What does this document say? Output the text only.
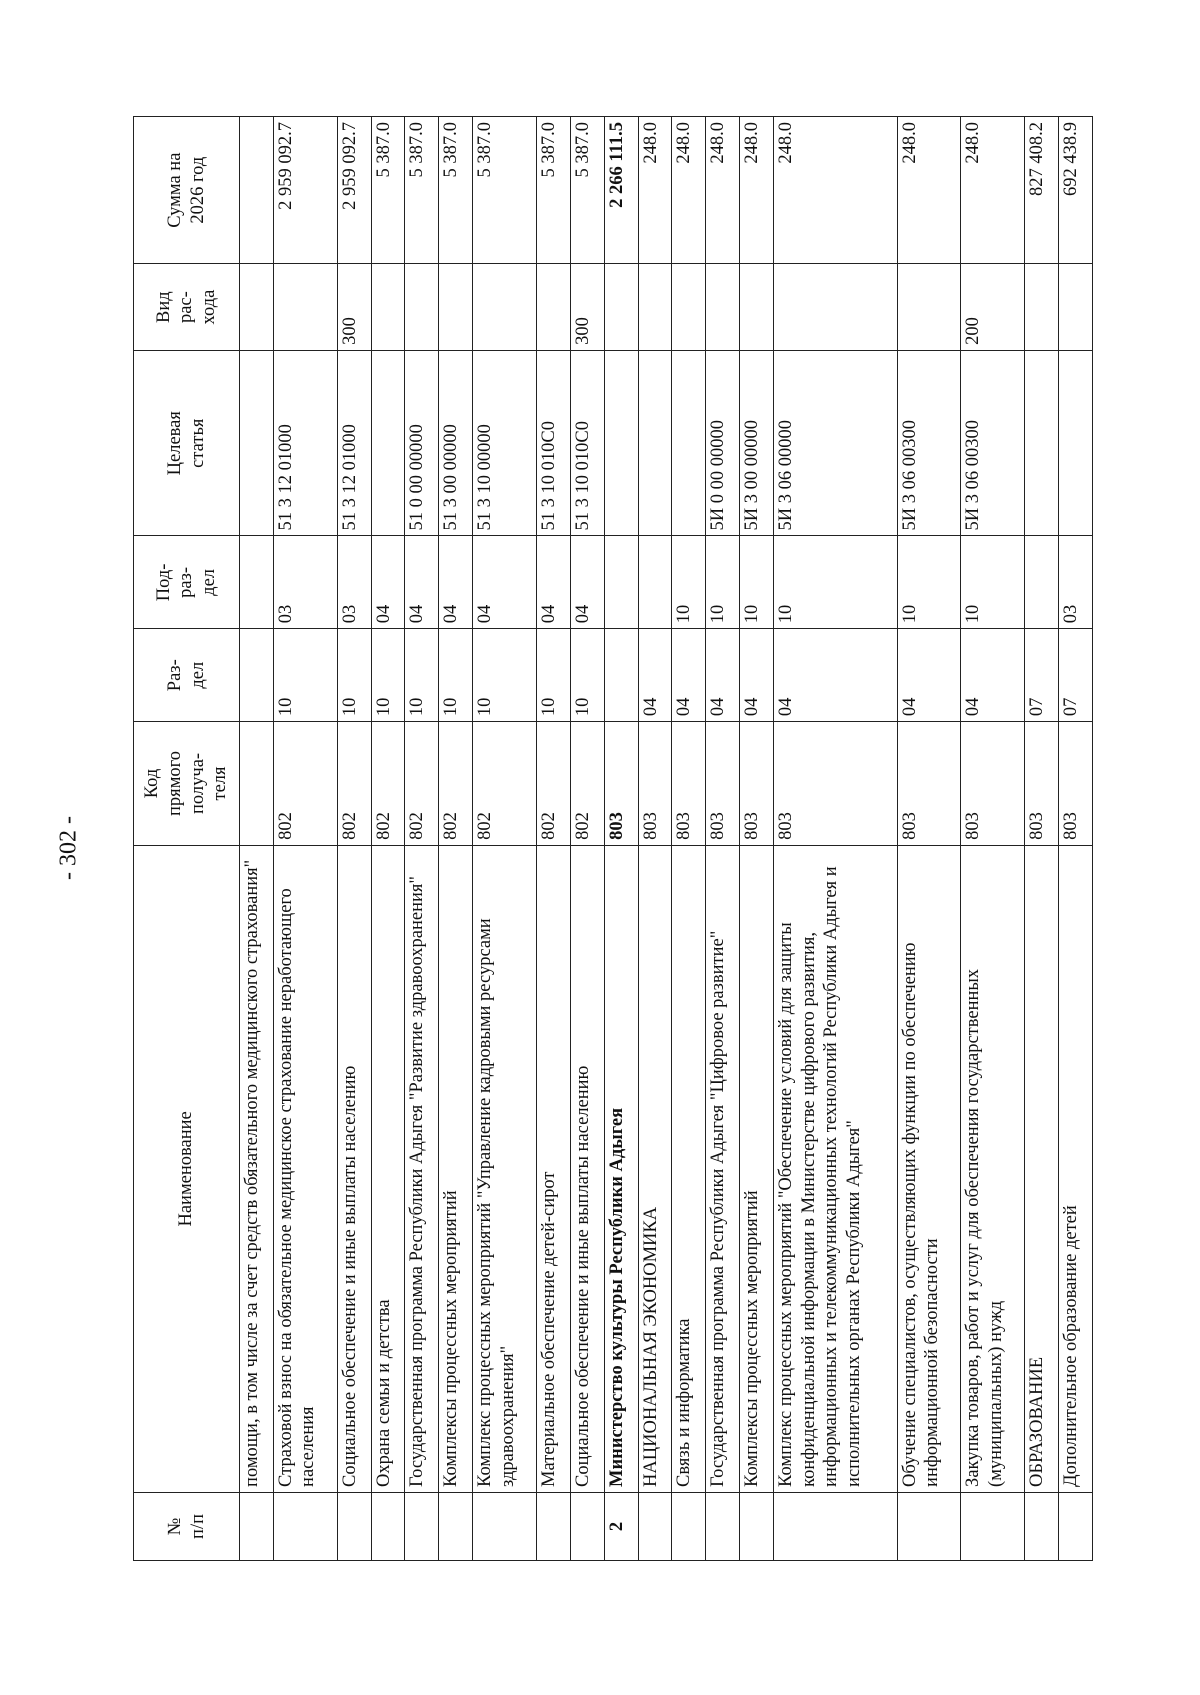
- 302 -
№
п/п	Наименование	Код
прямого
получа-
теля	Раз-
дел	Под-
раз-
дел	Целевая
статья	Вид
рас-
хода	Сумма на
2026 год
	помощи, в том числе за счет средств обязательного медицинского страхования"						
	Страховой взнос на обязательное медицинское страхование неработающего населения	802	10	03	51 3 12 01000		2 959 092.7
	Социальное обеспечение и иные выплаты населению	802	10	03	51 3 12 01000	300	2 959 092.7
	Охрана семьи и детства	802	10	04			5 387.0
	Государственная программа Республики Адыгея "Развитие здравоохранения"	802	10	04	51 0 00 00000		5 387.0
	Комплексы процессных мероприятий	802	10	04	51 3 00 00000		5 387.0
	Комплекс процессных мероприятий "Управление кадровыми ресурсами здравоохранения"	802	10	04	51 3 10 00000		5 387.0
	Материальное обеспечение детей-сирот	802	10	04	51 3 10 010С0		5 387.0
	Социальное обеспечение и иные выплаты населению	802	10	04	51 3 10 010С0	300	5 387.0
2	Министерство культуры Республики Адыгея	803					2 266 111.5
	НАЦИОНАЛЬНАЯ ЭКОНОМИКА	803	04				248.0
	Связь и информатика	803	04	10			248.0
	Государственная программа Республики Адыгея "Цифровое развитие"	803	04	10	5И 0 00 00000		248.0
	Комплексы процессных мероприятий	803	04	10	5И 3 00 00000		248.0
	Комплекс процессных мероприятий "Обеспечение условий для защиты конфиденциальной информации в Министерстве цифрового развития, информационных и телекоммуникационных технологий Республики Адыгея и исполнительных органах Республики Адыгея"	803	04	10	5И 3 06 00000		248.0
	Обучение специалистов, осуществляющих функции по обеспечению информационной безопасности	803	04	10	5И 3 06 00300		248.0
	Закупка товаров, работ и услуг для обеспечения государственных (муниципальных) нужд	803	04	10	5И 3 06 00300	200	248.0
	ОБРАЗОВАНИЕ	803	07				827 408.2
	Дополнительное образование детей	803	07	03			692 438.9
